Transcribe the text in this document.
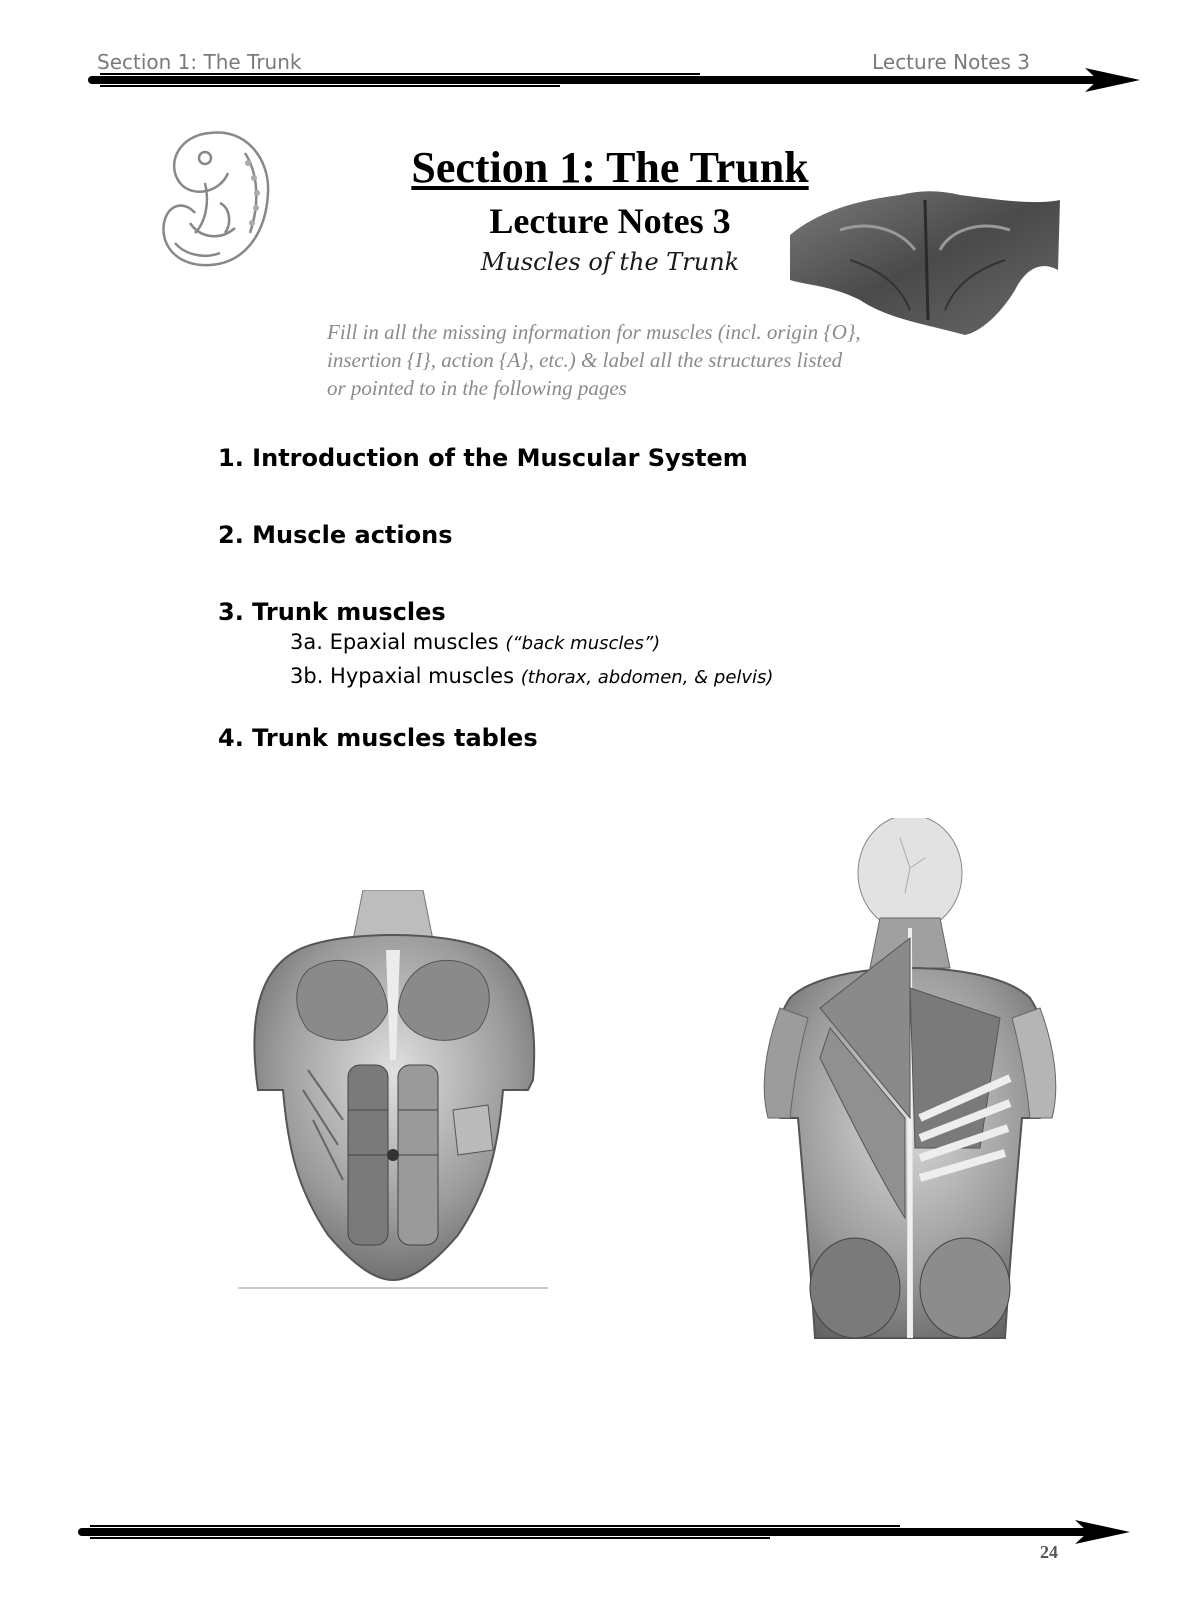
Section 1: The Trunk	Lecture Notes 3
Section 1: The Trunk
Lecture Notes 3
Muscles of the Trunk
Fill in all the missing information for muscles (incl. origin {O},
insertion {I}, action {A}, etc.) & label all the structures listed
or pointed to in the following pages

1. Introduction of the Muscular System

2. Muscle actions

3. Trunk muscles

3a. Epaxial muscles (“back muscles”)

3b. Hypaxial muscles (thorax, abdomen, & pelvis)

4. Trunk muscles tables

24
